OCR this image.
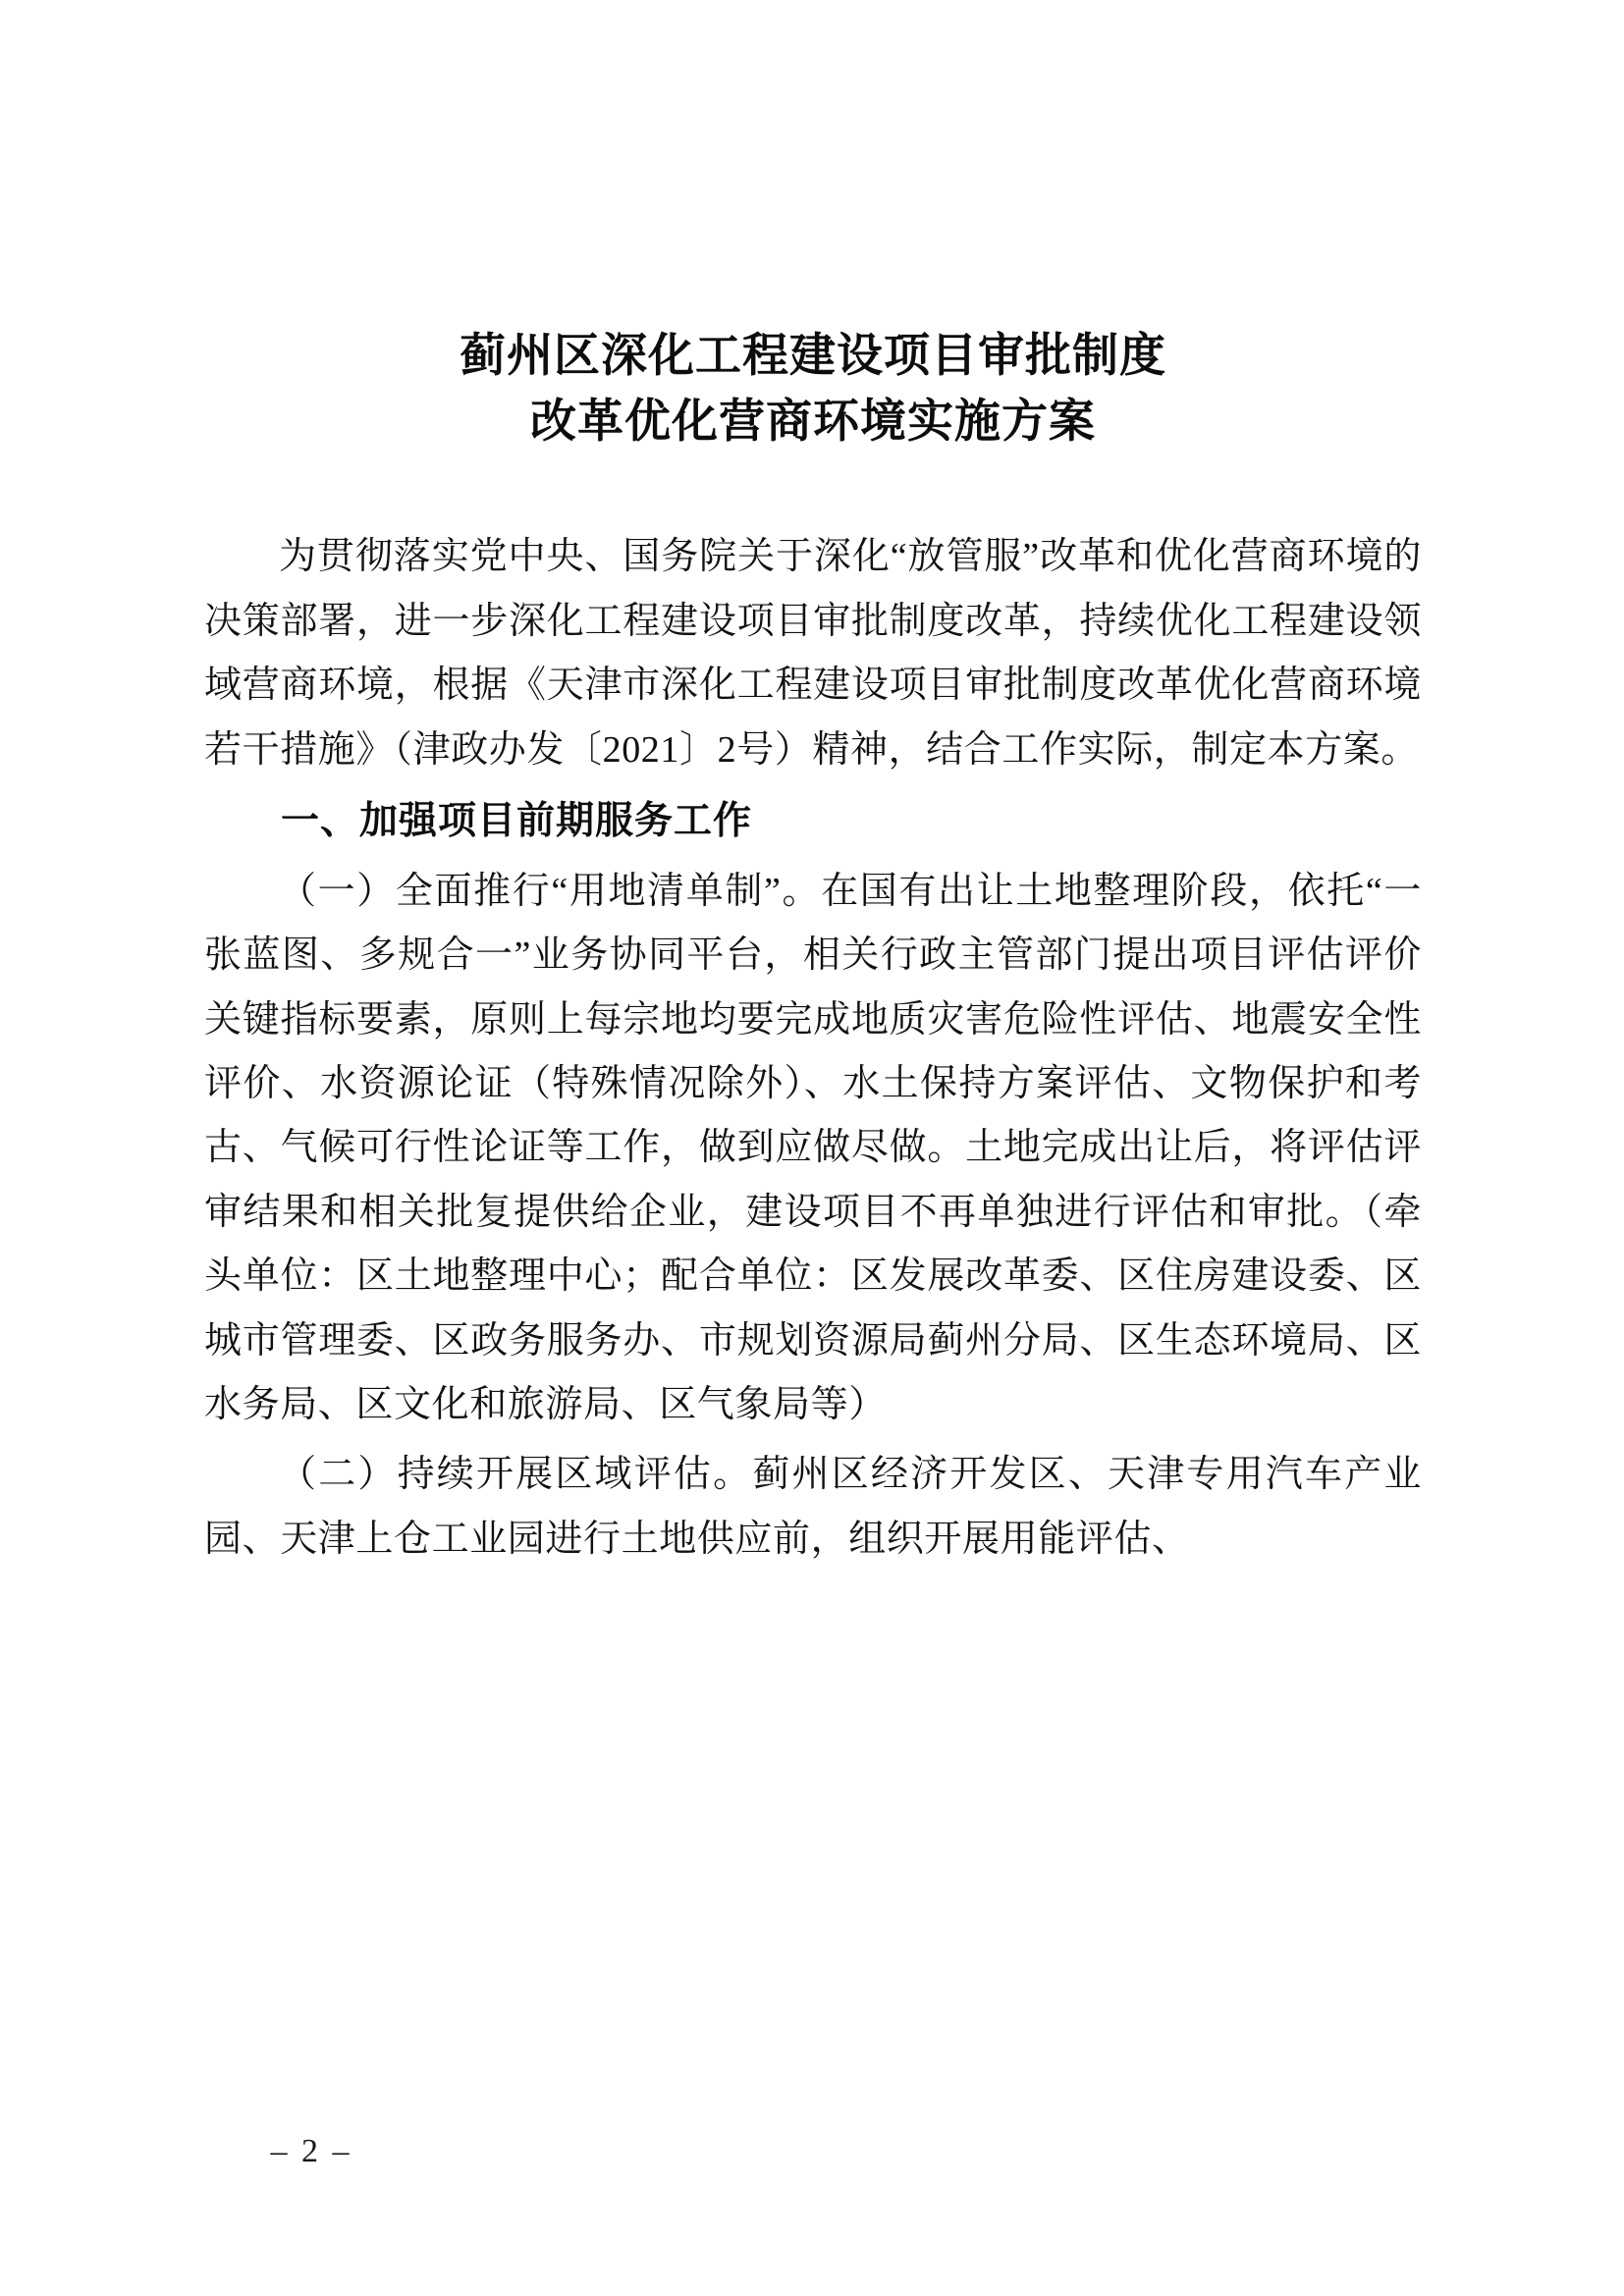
蓟州区深化工程建设项目审批制度
改革优化营商环境实施方案

为贯彻落实党中央、国务院关于深化“放管服”改革和优化营商环境的决策部署，进一步深化工程建设项目审批制度改革，持续优化工程建设领域营商环境，根据《天津市深化工程建设项目审批制度改革优化营商环境若干措施》（津政办发〔2021〕2号）精神，结合工作实际，制定本方案。

一、加强项目前期服务工作

（一）全面推行“用地清单制”。在国有出让土地整理阶段，依托“一张蓝图、多规合一”业务协同平台，相关行政主管部门提出项目评估评价关键指标要素，原则上每宗地均要完成地质灾害危险性评估、地震安全性评价、水资源论证（特殊情况除外）、水土保持方案评估、文物保护和考古、气候可行性论证等工作，做到应做尽做。土地完成出让后，将评估评审结果和相关批复提供给企业，建设项目不再单独进行评估和审批。（牵头单位：区土地整理中心；配合单位：区发展改革委、区住房建设委、区城市管理委、区政务服务办、市规划资源局蓟州分局、区生态环境局、区水务局、区文化和旅游局、区气象局等）

（二）持续开展区域评估。蓟州区经济开发区、天津专用汽车产业园、天津上仓工业园进行土地供应前，组织开展用能评估、

– 2 –
